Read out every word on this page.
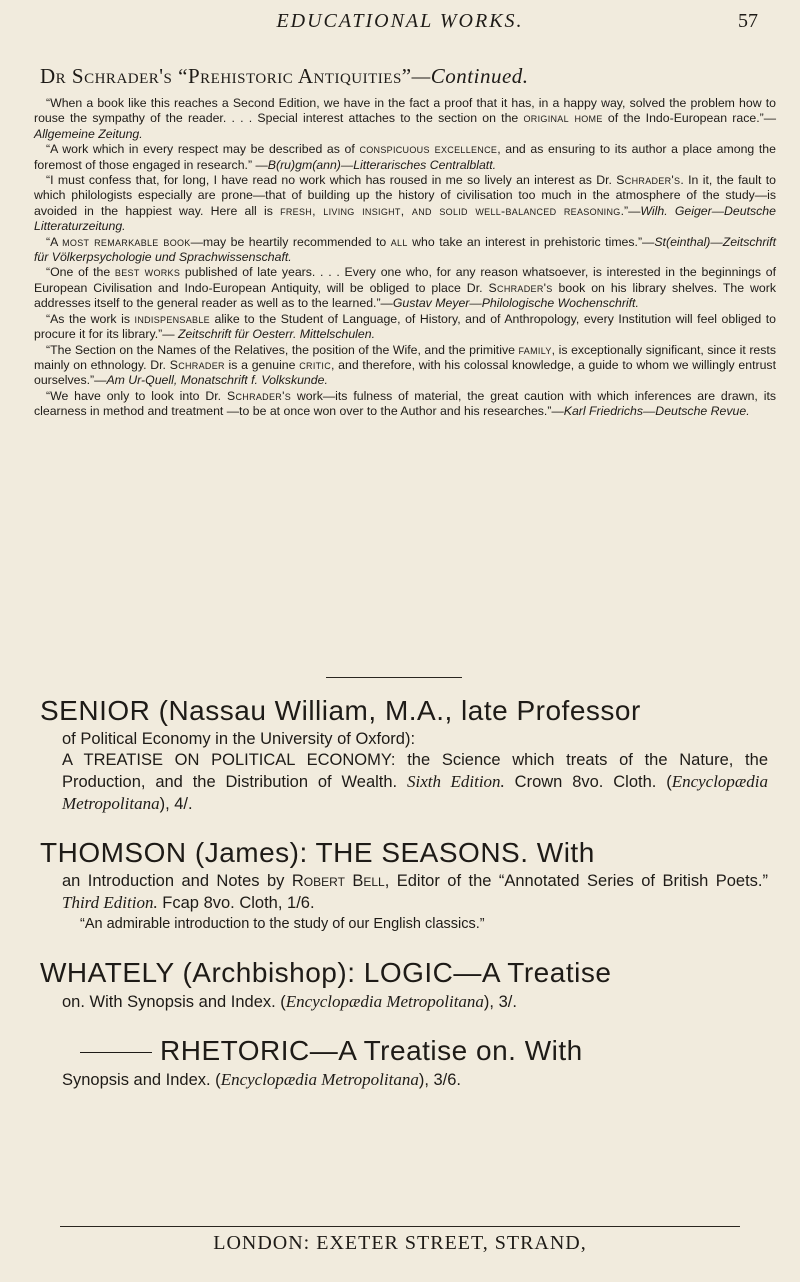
EDUCATIONAL WORKS.	57
Dr Schrader's “Prehistoric Antiquities”—Continued.

“When a book like this reaches a Second Edition, we have in the fact a proof that it has, in a happy way, solved the problem how to rouse the sympathy of the reader. . . . Special interest attaches to the section on the original home of the Indo-European race.”—Allgemeine Zeitung.

“A work which in every respect may be described as of conspicuous excellence, and as ensuring to its author a place among the foremost of those engaged in research.” —B(ru)gm(ann)—Litterarisches Centralblatt.

“I must confess that, for long, I have read no work which has roused in me so lively an interest as Dr. Schrader's. In it, the fault to which philologists especially are prone—that of building up the history of civilisation too much in the atmosphere of the study—is avoided in the happiest way. Here all is fresh, living insight, and solid well-balanced reasoning.”—Wilh. Geiger—Deutsche Litteraturzeitung.

“A most remarkable book—may be heartily recommended to all who take an interest in prehistoric times.”—St(einthal)—Zeitschrift für Völkerpsychologie und Sprachwissenschaft.

“One of the best works published of late years. . . . Every one who, for any reason whatsoever, is interested in the beginnings of European Civilisation and Indo-European Antiquity, will be obliged to place Dr. Schrader's book on his library shelves. The work addresses itself to the general reader as well as to the learned.”—Gustav Meyer—Philologische Wochenschrift.

“As the work is indispensable alike to the Student of Language, of History, and of Anthropology, every Institution will feel obliged to procure it for its library.”— Zeitschrift für Oesterr. Mittelschulen.

“The Section on the Names of the Relatives, the position of the Wife, and the primitive family, is exceptionally significant, since it rests mainly on ethnology. Dr. Schrader is a genuine critic, and therefore, with his colossal knowledge, a guide to whom we willingly entrust ourselves.”—Am Ur-Quell, Monatschrift f. Volkskunde.

“We have only to look into Dr. Schrader's work—its fulness of material, the great caution with which inferences are drawn, its clearness in method and treatment —to be at once won over to the Author and his researches.”—Karl Friedrichs—Deutsche Revue.

SENIOR (Nassau William, M.A., late Professor
of Political Economy in the University of Oxford):
A TREATISE ON POLITICAL ECONOMY: the Science which treats of the Nature, the Production, and the Distribution of Wealth. Sixth Edition. Crown 8vo. Cloth. (Encyclopædia Metropolitana), 4/.
THOMSON (James): THE SEASONS. With
an Introduction and Notes by Robert Bell, Editor of the “Annotated Series of British Poets.” Third Edition. Fcap 8vo. Cloth, 1/6.
“An admirable introduction to the study of our English classics.”
WHATELY (Archbishop): LOGIC—A Treatise
on. With Synopsis and Index. (Encyclopædia Metropolitana), 3/.
RHETORIC—A Treatise on. With
Synopsis and Index. (Encyclopædia Metropolitana), 3/6.
LONDON: EXETER STREET, STRAND,
